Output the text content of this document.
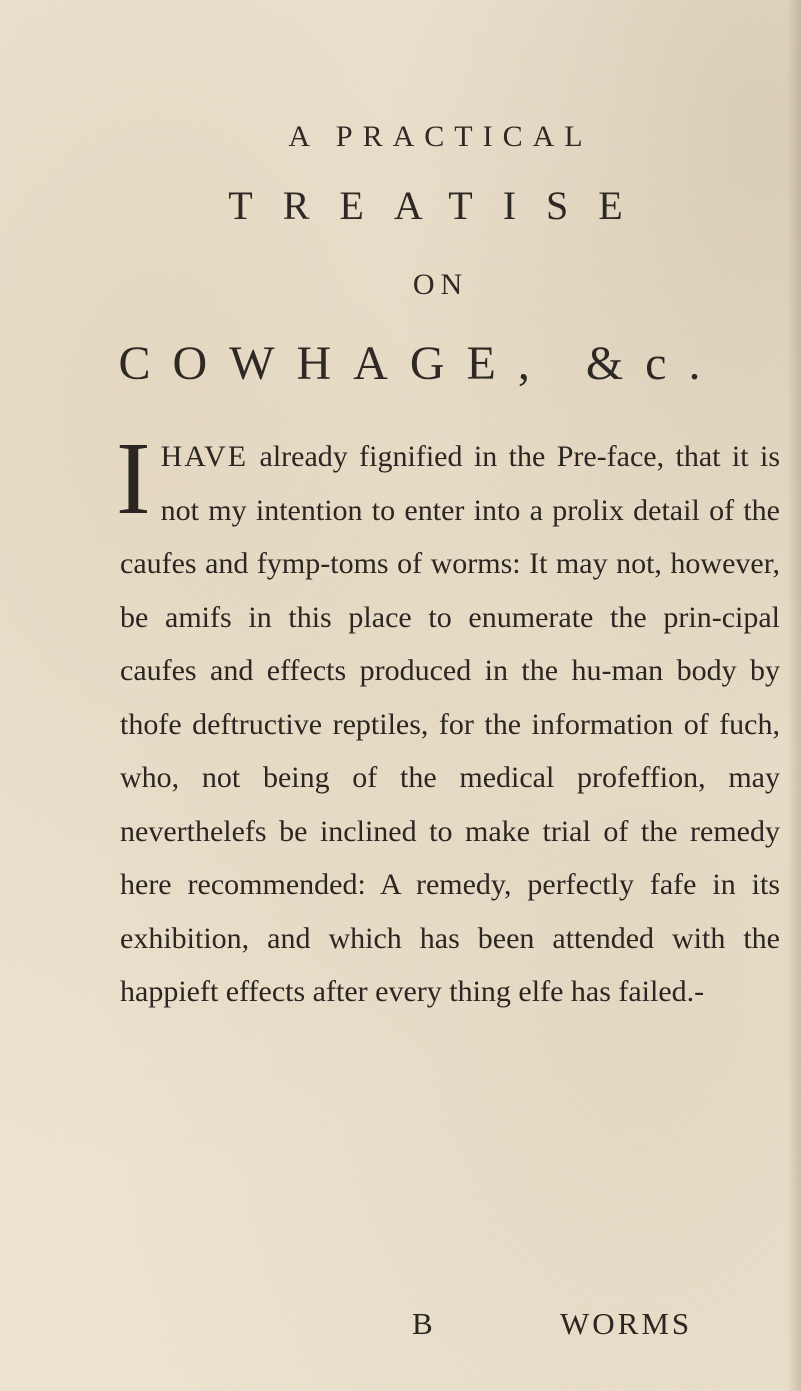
A PRACTICAL
TREATISE
ON
COWHAGE, &c.

IHAVE already fignified in the Pre-face, that it is not my intention to enter into a prolix detail of the caufes and fymp-toms of worms: It may not, however, be amifs in this place to enumerate the prin-cipal caufes and effects produced in the hu-man body by thofe deftructive reptiles, for the information of fuch, who, not being of the medical profeffion, may neverthelefs be inclined to make trial of the remedy here recommended: A remedy, perfectly fafe in its exhibition, and which has been attended with the happieft effects after every thing elfe has failed.-

B	WORMS
